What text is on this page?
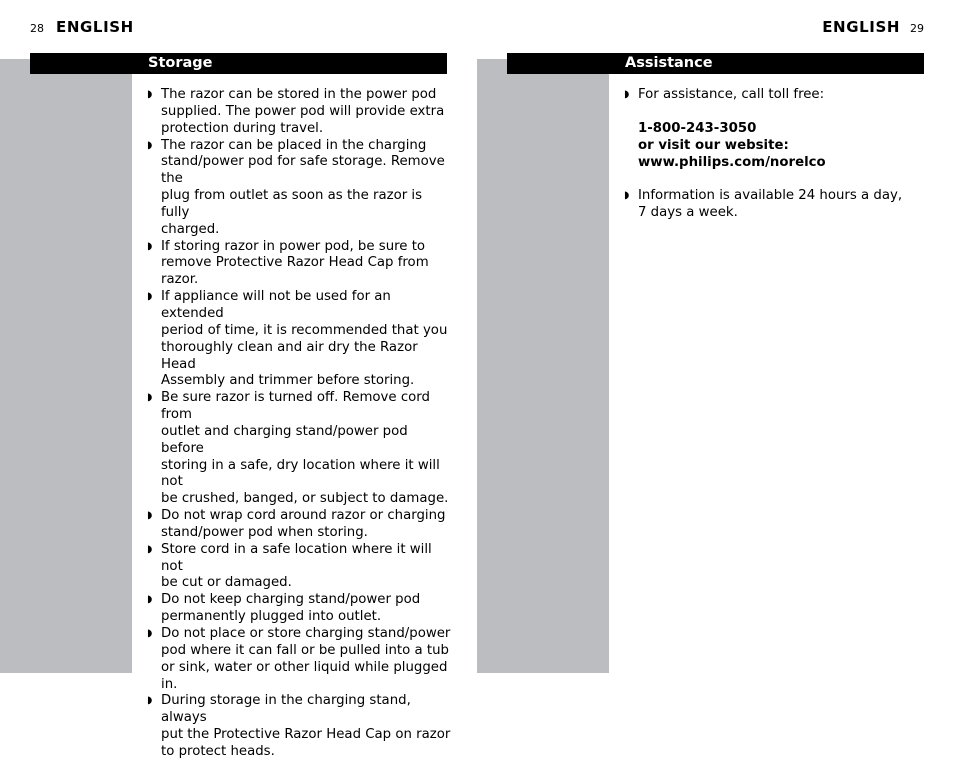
28 ENGLISH
Storage
◗ The razor can be stored in the power pod
supplied. The power pod will provide extra
protection during travel.
◗ The razor can be placed in the charging
stand/power pod for safe storage. Remove the
plug from outlet as soon as the razor is fully
charged.
◗ If storing razor in power pod, be sure to
remove Protective Razor Head Cap from
razor.
◗ If appliance will not be used for an extended
period of time, it is recommended that you
thoroughly clean and air dry the Razor Head
Assembly and trimmer before storing.
◗ Be sure razor is turned off. Remove cord from
outlet and charging stand/power pod before
storing in a safe, dry location where it will not
be crushed, banged, or subject to damage.
◗ Do not wrap cord around razor or charging
stand/power pod when storing.
◗ Store cord in a safe location where it will not
be cut or damaged.
◗ Do not keep charging stand/power pod
permanently plugged into outlet.
◗ Do not place or store charging stand/power
pod where it can fall or be pulled into a tub
or sink, water or other liquid while plugged in.
◗ During storage in the charging stand, always
put the Protective Razor Head Cap on razor
to protect heads.
ENGLISH 29
Assistance
◗ For assistance, call toll free:
1-800-243-3050
or visit our website:
www.philips.com/norelco
◗ Information is available 24 hours a day,
7 days a week.
